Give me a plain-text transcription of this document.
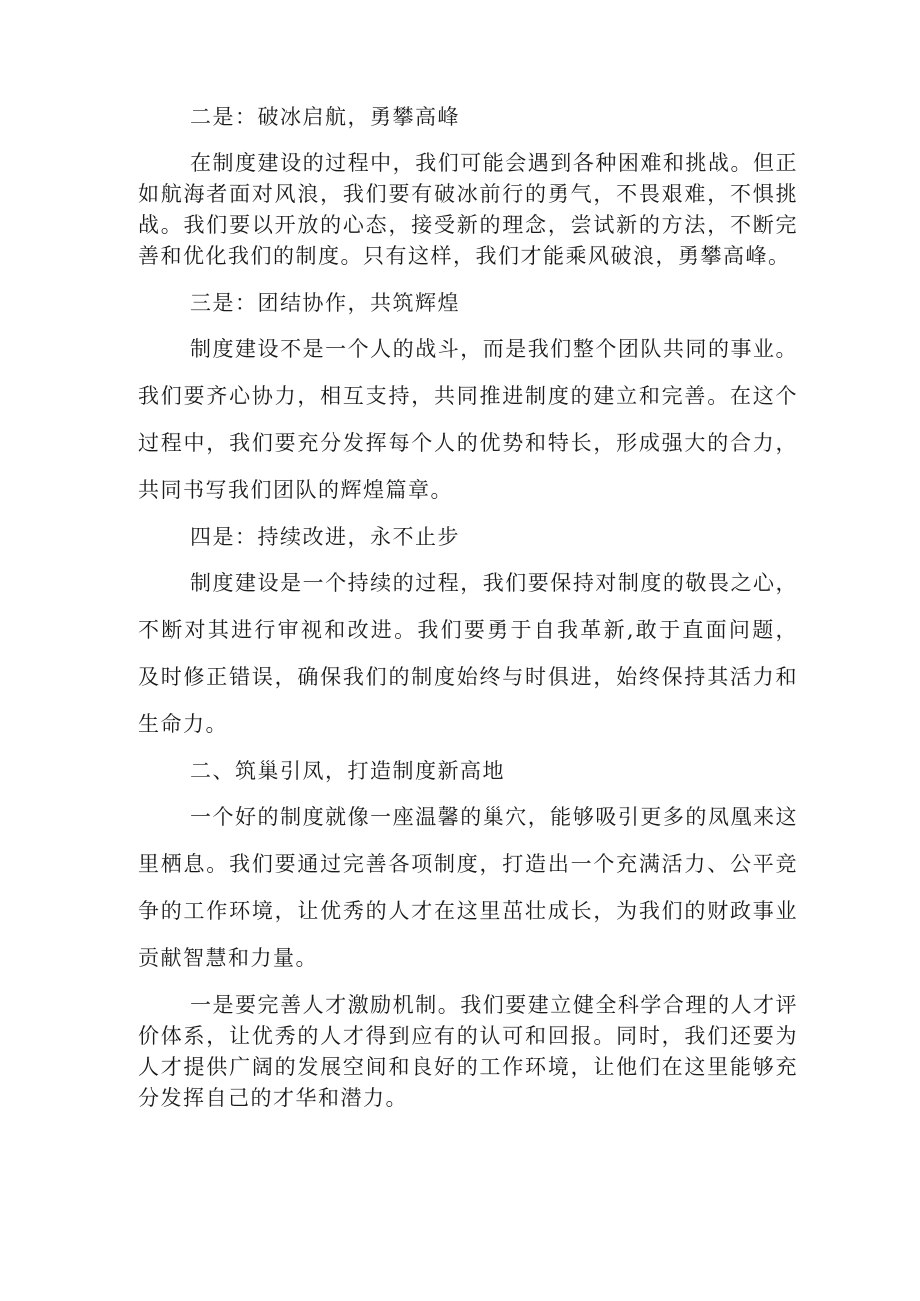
二是：破冰启航，勇攀高峰

在制度建设的过程中，我们可能会遇到各种困难和挑战。但正如航海者面对风浪，我们要有破冰前行的勇气，不畏艰难，不惧挑战。我们要以开放的心态，接受新的理念，尝试新的方法，不断完善和优化我们的制度。只有这样，我们才能乘风破浪，勇攀高峰。

三是：团结协作，共筑辉煌

制度建设不是一个人的战斗，而是我们整个团队共同的事业。我们要齐心协力，相互支持，共同推进制度的建立和完善。在这个过程中，我们要充分发挥每个人的优势和特长，形成强大的合力，共同书写我们团队的辉煌篇章。

四是：持续改进，永不止步

制度建设是一个持续的过程，我们要保持对制度的敬畏之心，不断对其进行审视和改进。我们要勇于自我革新,敢于直面问题，及时修正错误，确保我们的制度始终与时俱进，始终保持其活力和生命力。

二、筑巢引凤，打造制度新高地

一个好的制度就像一座温馨的巢穴，能够吸引更多的凤凰来这里栖息。我们要通过完善各项制度，打造出一个充满活力、公平竞争的工作环境，让优秀的人才在这里茁壮成长，为我们的财政事业贡献智慧和力量。

一是要完善人才激励机制。我们要建立健全科学合理的人才评价体系，让优秀的人才得到应有的认可和回报。同时，我们还要为人才提供广阔的发展空间和良好的工作环境，让他们在这里能够充分发挥自己的才华和潜力。
